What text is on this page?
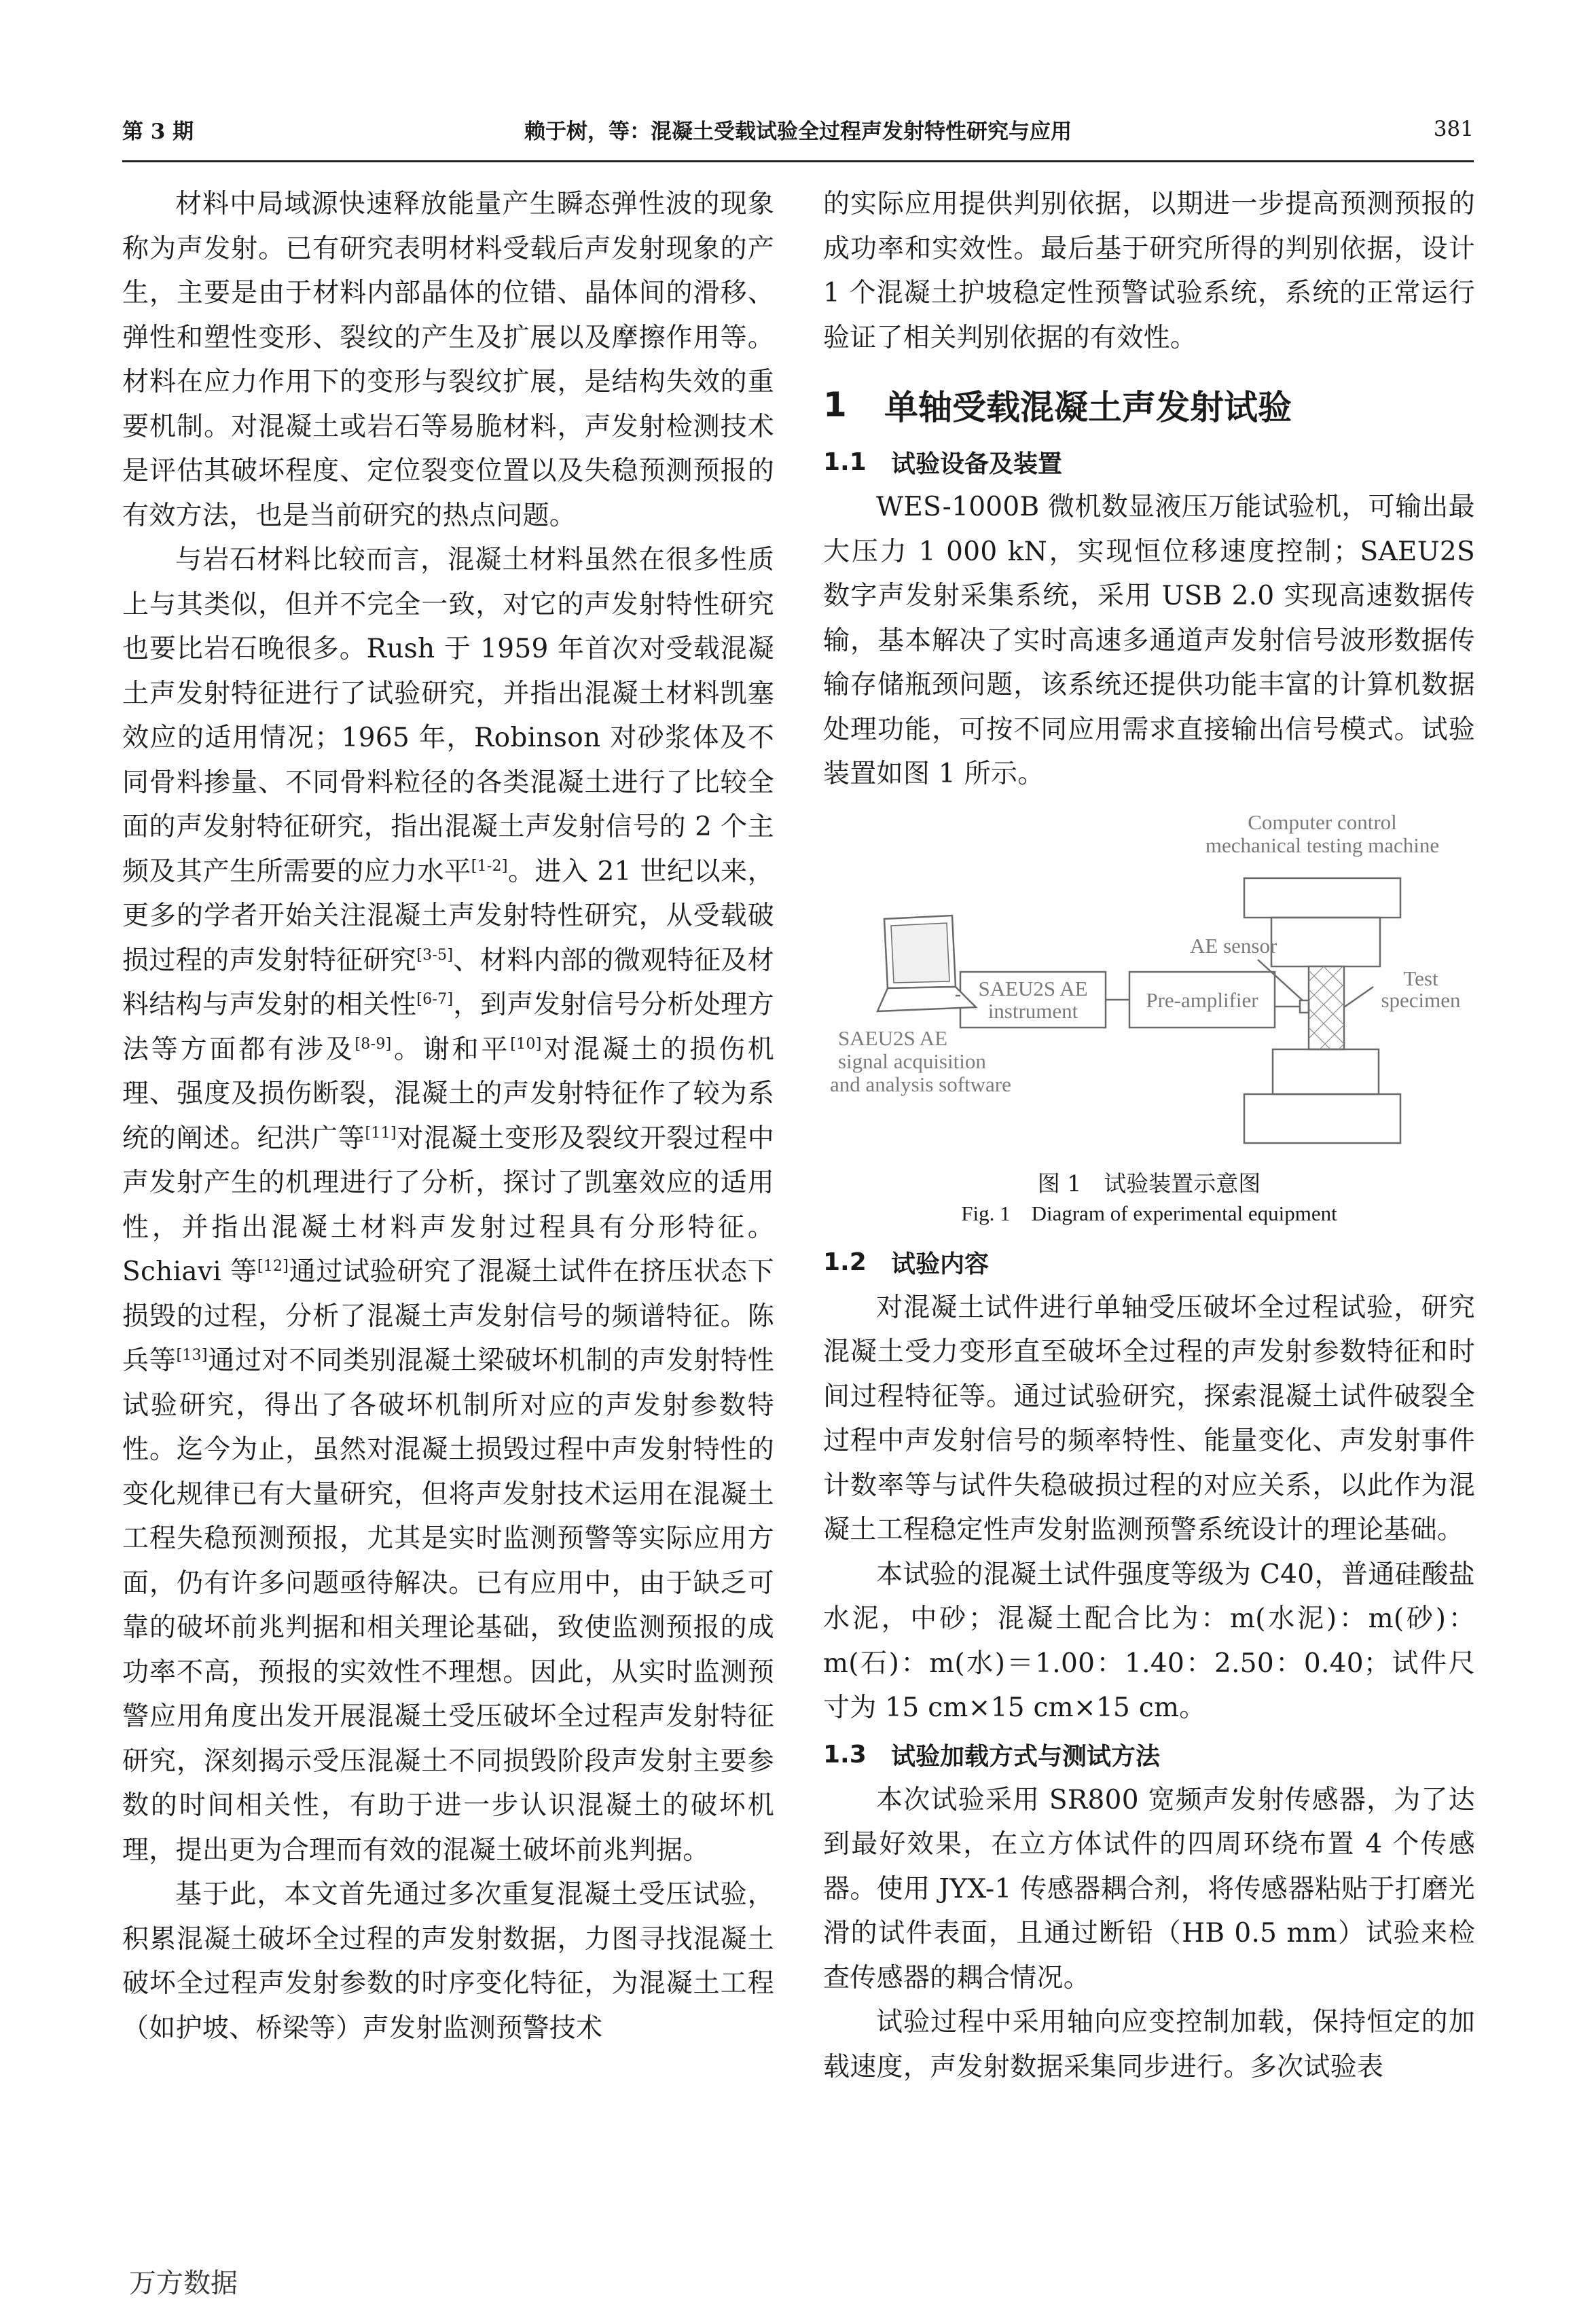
第 3 期	赖于树，等：混凝土受载试验全过程声发射特性研究与应用	381

材料中局域源快速释放能量产生瞬态弹性波的现象称为声发射。已有研究表明材料受载后声发射现象的产生，主要是由于材料内部晶体的位错、晶体间的滑移、弹性和塑性变形、裂纹的产生及扩展以及摩擦作用等。材料在应力作用下的变形与裂纹扩展，是结构失效的重要机制。对混凝土或岩石等易脆材料，声发射检测技术是评估其破坏程度、定位裂变位置以及失稳预测预报的有效方法，也是当前研究的热点问题。

与岩石材料比较而言，混凝土材料虽然在很多性质上与其类似，但并不完全一致，对它的声发射特性研究也要比岩石晚很多。Rush 于 1959 年首次对受载混凝土声发射特征进行了试验研究，并指出混凝土材料凯塞效应的适用情况；1965 年，Robinson 对砂浆体及不同骨料掺量、不同骨料粒径的各类混凝土进行了比较全面的声发射特征研究，指出混凝土声发射信号的 2 个主频及其产生所需要的应力水平[1-2]。进入 21 世纪以来，更多的学者开始关注混凝土声发射特性研究，从受载破损过程的声发射特征研究[3-5]、材料内部的微观特征及材料结构与声发射的相关性[6-7]，到声发射信号分析处理方法等方面都有涉及[8-9]。谢和平[10]对混凝土的损伤机理、强度及损伤断裂，混凝土的声发射特征作了较为系统的阐述。纪洪广等[11]对混凝土变形及裂纹开裂过程中声发射产生的机理进行了分析，探讨了凯塞效应的适用性，并指出混凝土材料声发射过程具有分形特征。Schiavi 等[12]通过试验研究了混凝土试件在挤压状态下损毁的过程，分析了混凝土声发射信号的频谱特征。陈兵等[13]通过对不同类别混凝土梁破坏机制的声发射特性试验研究，得出了各破坏机制所对应的声发射参数特性。迄今为止，虽然对混凝土损毁过程中声发射特性的变化规律已有大量研究，但将声发射技术运用在混凝土工程失稳预测预报，尤其是实时监测预警等实际应用方面，仍有许多问题亟待解决。已有应用中，由于缺乏可靠的破坏前兆判据和相关理论基础，致使监测预报的成功率不高，预报的实效性不理想。因此，从实时监测预警应用角度出发开展混凝土受压破坏全过程声发射特征研究，深刻揭示受压混凝土不同损毁阶段声发射主要参数的时间相关性，有助于进一步认识混凝土的破坏机理，提出更为合理而有效的混凝土破坏前兆判据。

基于此，本文首先通过多次重复混凝土受压试验，积累混凝土破坏全过程的声发射数据，力图寻找混凝土破坏全过程声发射参数的时序变化特征，为混凝土工程（如护坡、桥梁等）声发射监测预警技术

的实际应用提供判别依据，以期进一步提高预测预报的成功率和实效性。最后基于研究所得的判别依据，设计 1 个混凝土护坡稳定性预警试验系统，系统的正常运行验证了相关判别依据的有效性。

1	单轴受载混凝土声发射试验
1.1	试验设备及装置

WES-1000B 微机数显液压万能试验机，可输出最大压力 1 000 kN，实现恒位移速度控制；SAEU2S 数字声发射采集系统，采用 USB 2.0 实现高速数据传输，基本解决了实时高速多通道声发射信号波形数据传输存储瓶颈问题，该系统还提供功能丰富的计算机数据处理功能，可按不同应用需求直接输出信号模式。试验装置如图 1 所示。

Computer control
mechanical testing machine
AE sensor
SAEU2S AE
instrument	Pre-amplifier
Test
specimen
SAEU2S AE
signal acquisition
and analysis software
图 1　试验装置示意图
Fig. 1　Diagram of experimental equipment
1.2	试验内容

对混凝土试件进行单轴受压破坏全过程试验，研究混凝土受力变形直至破坏全过程的声发射参数特征和时间过程特征等。通过试验研究，探索混凝土试件破裂全过程中声发射信号的频率特性、能量变化、声发射事件计数率等与试件失稳破损过程的对应关系，以此作为混凝土工程稳定性声发射监测预警系统设计的理论基础。

本试验的混凝土试件强度等级为 C40，普通硅酸盐水泥，中砂；混凝土配合比为：m(水泥)：m(砂)：m(石)：m(水)＝1.00：1.40：2.50：0.40；试件尺寸为 15 cm×15 cm×15 cm。

1.3	试验加载方式与测试方法

本次试验采用 SR800 宽频声发射传感器，为了达到最好效果，在立方体试件的四周环绕布置 4 个传感器。使用 JYX-1 传感器耦合剂，将传感器粘贴于打磨光滑的试件表面，且通过断铅（HB 0.5 mm）试验来检查传感器的耦合情况。

试验过程中采用轴向应变控制加载，保持恒定的加载速度，声发射数据采集同步进行。多次试验表

万方数据
